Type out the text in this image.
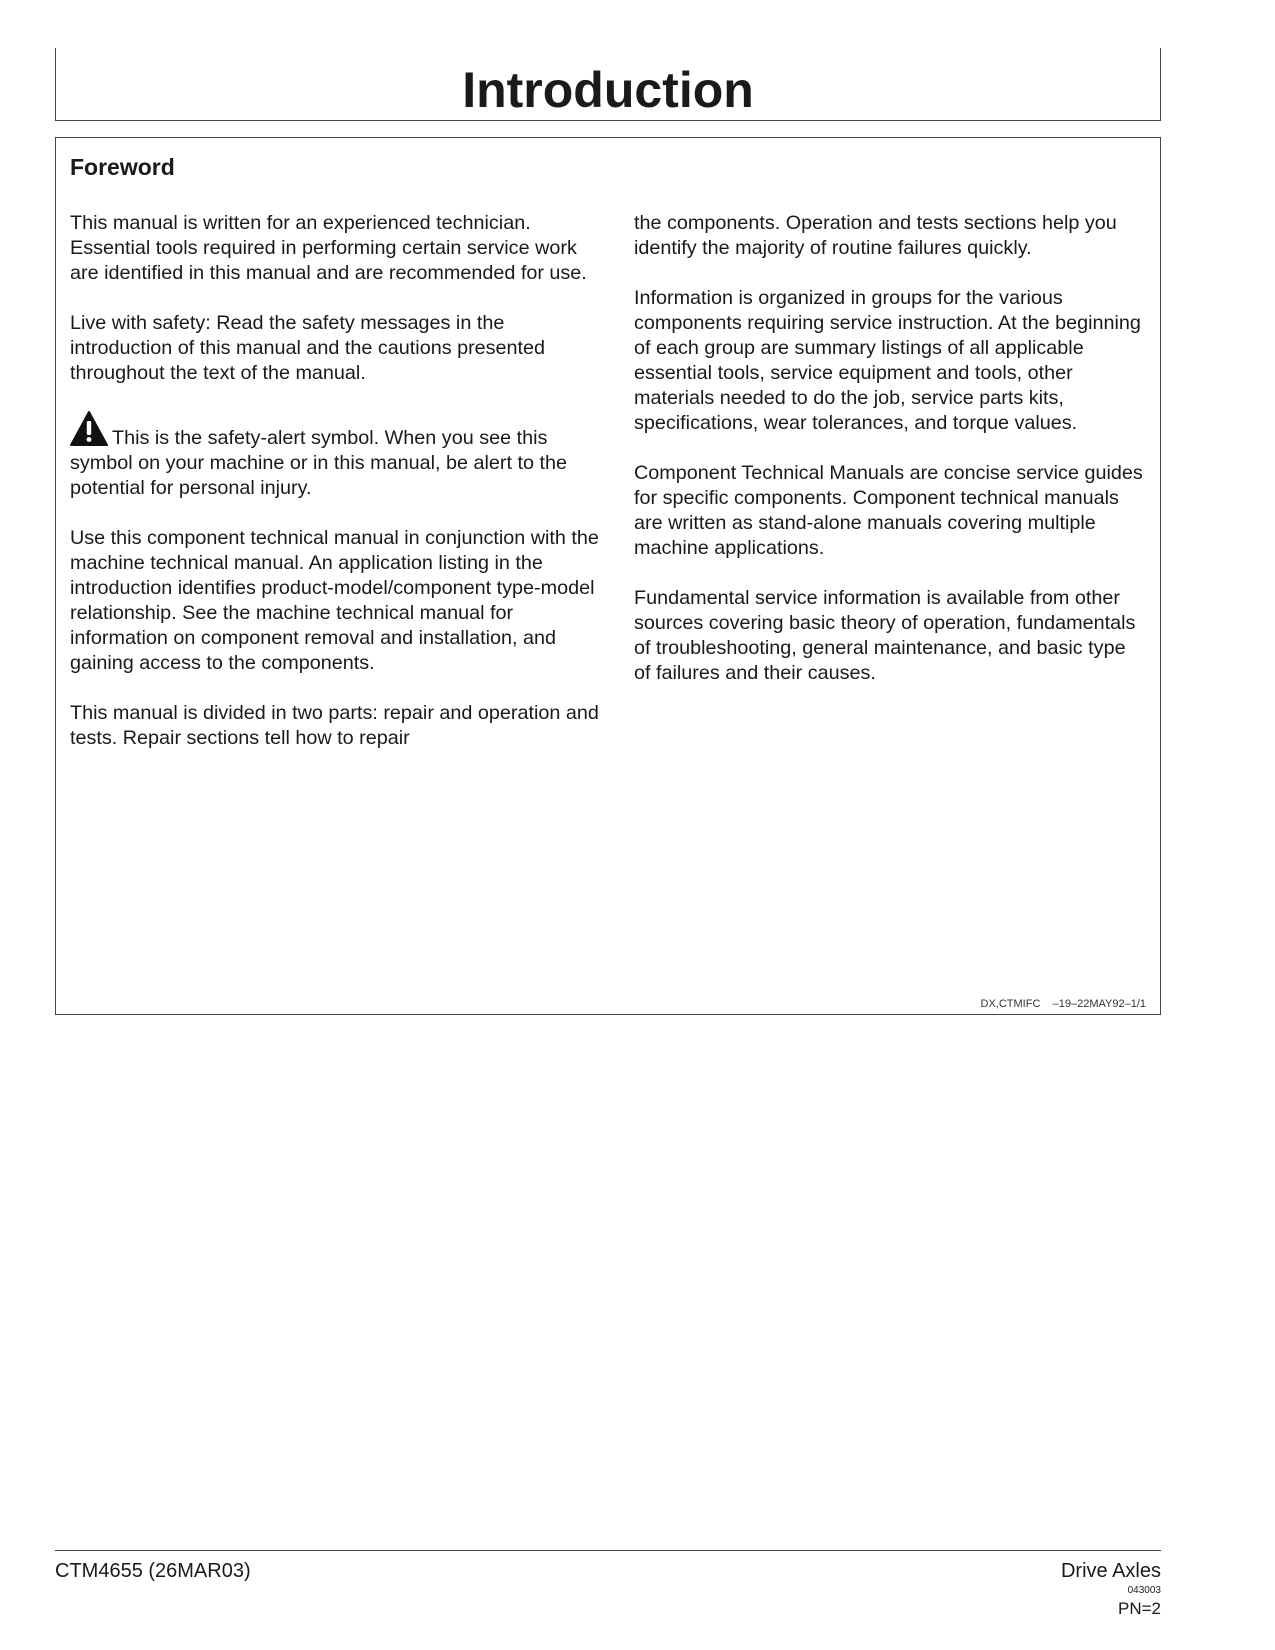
Introduction
Foreword

This manual is written for an experienced technician. Essential tools required in performing certain service work are identified in this manual and are recommended for use.

Live with safety: Read the safety messages in the introduction of this manual and the cautions presented throughout the text of the manual.

This is the safety-alert symbol. When you see this symbol on your machine or in this manual, be alert to the potential for personal injury.

Use this component technical manual in conjunction with the machine technical manual. An application listing in the introduction identifies product-model/component type-model relationship. See the machine technical manual for information on component removal and installation, and gaining access to the components.

This manual is divided in two parts: repair and operation and tests. Repair sections tell how to repair

the components. Operation and tests sections help you identify the majority of routine failures quickly.

Information is organized in groups for the various components requiring service instruction. At the beginning of each group are summary listings of all applicable essential tools, service equipment and tools, other materials needed to do the job, service parts kits, specifications, wear tolerances, and torque values.

Component Technical Manuals are concise service guides for specific components. Component technical manuals are written as stand-alone manuals covering multiple machine applications.

Fundamental service information is available from other sources covering basic theory of operation, fundamentals of troubleshooting, general maintenance, and basic type of failures and their causes.

DX,CTMIFC    –19–22MAY92–1/1
CTM4655 (26MAR03)	Drive Axles
043003
PN=2
